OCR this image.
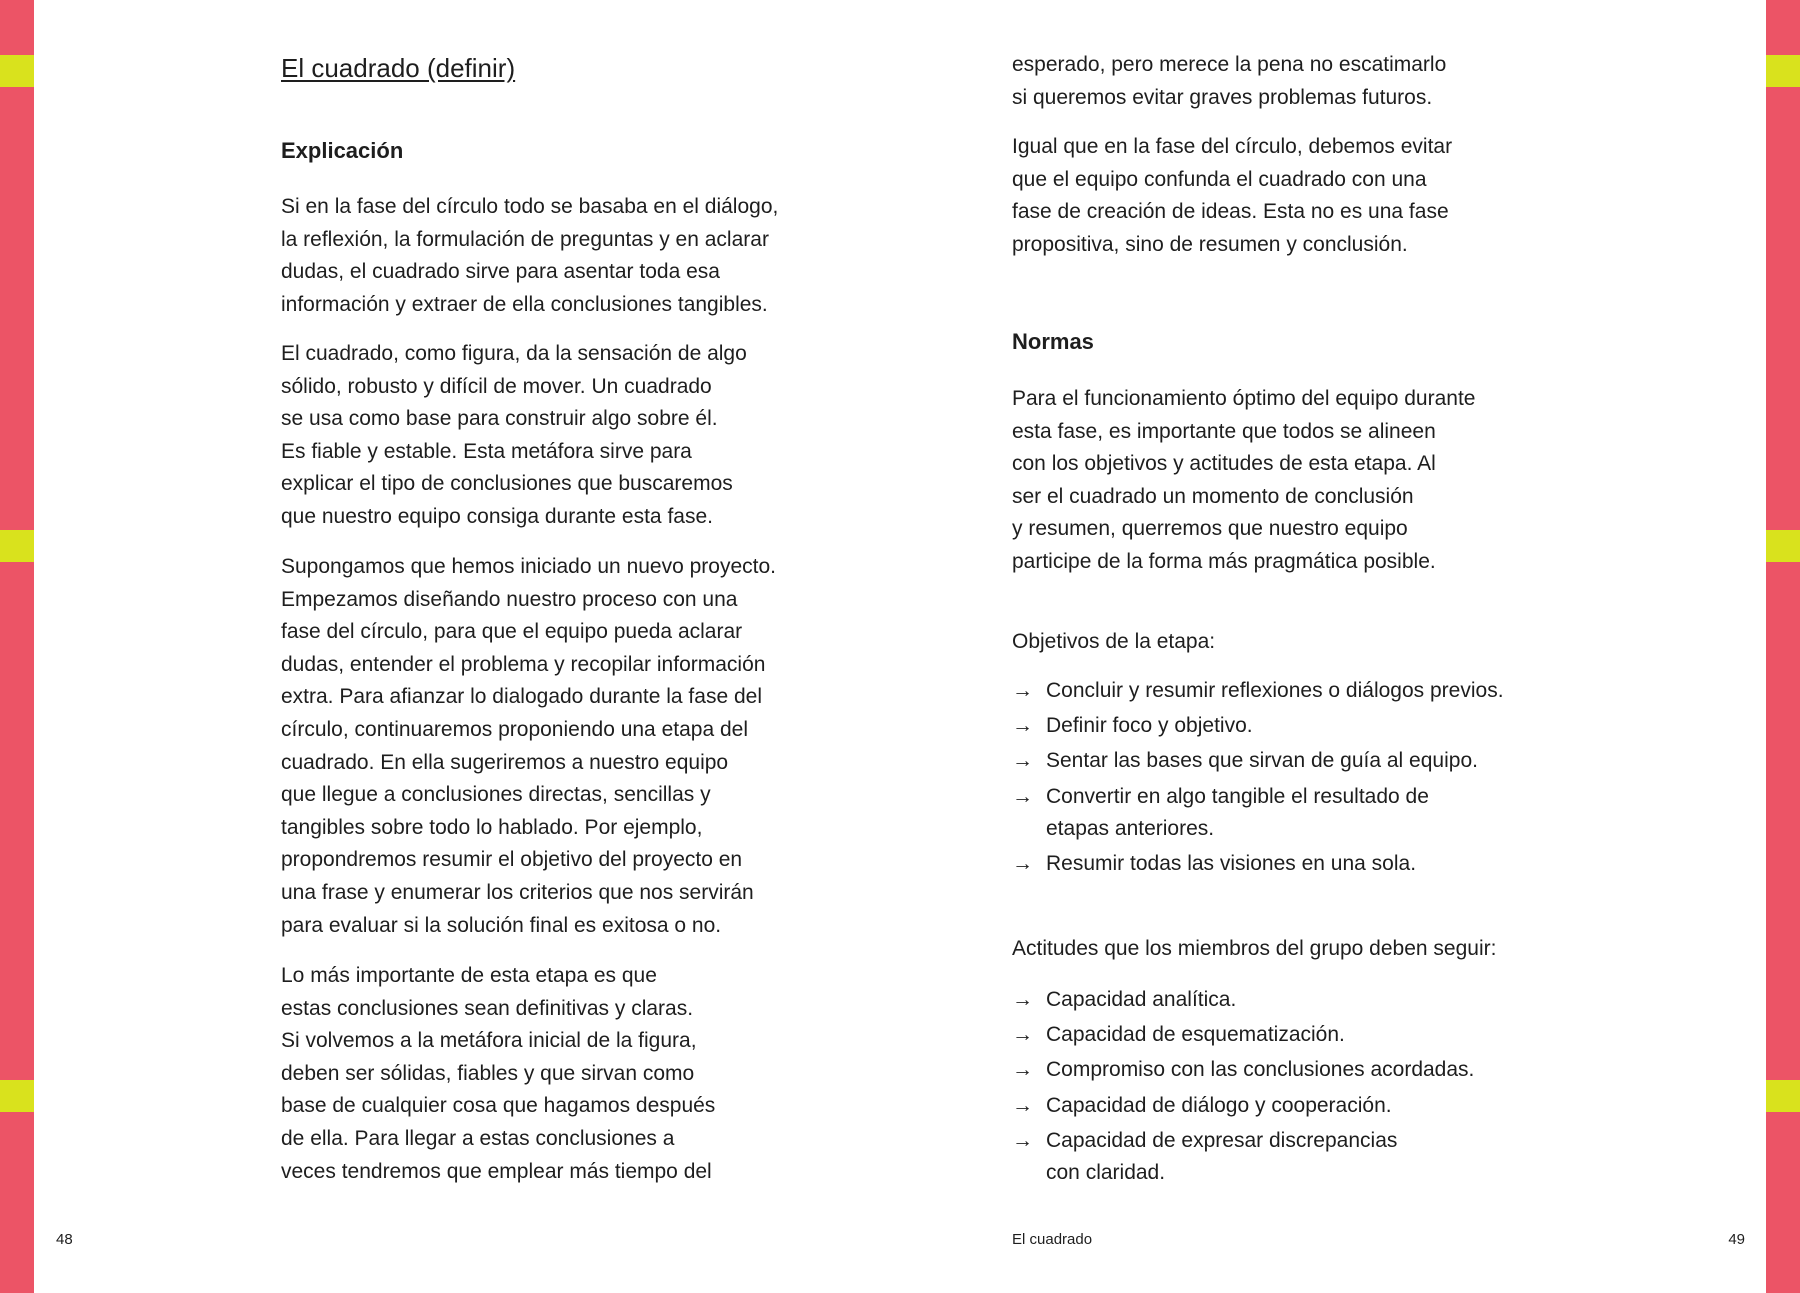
El cuadrado (definir)
Explicación

Si en la fase del círculo todo se basaba en el diálogo,
la reflexión, la formulación de preguntas y en aclarar
dudas, el cuadrado sirve para asentar toda esa
información y extraer de ella conclusiones tangibles.

El cuadrado, como figura, da la sensación de algo
sólido, robusto y difícil de mover. Un cuadrado
se usa como base para construir algo sobre él.
Es fiable y estable. Esta metáfora sirve para
explicar el tipo de conclusiones que buscaremos
que nuestro equipo consiga durante esta fase.

Supongamos que hemos iniciado un nuevo proyecto.
Empezamos diseñando nuestro proceso con una
fase del círculo, para que el equipo pueda aclarar
dudas, entender el problema y recopilar información
extra. Para afianzar lo dialogado durante la fase del
círculo, continuaremos proponiendo una etapa del
cuadrado. En ella sugeriremos a nuestro equipo
que llegue a conclusiones directas, sencillas y
tangibles sobre todo lo hablado. Por ejemplo,
propondremos resumir el objetivo del proyecto en
una frase y enumerar los criterios que nos servirán
para evaluar si la solución final es exitosa o no.

Lo más importante de esta etapa es que
estas conclusiones sean definitivas y claras.
Si volvemos a la metáfora inicial de la figura,
deben ser sólidas, fiables y que sirvan como
base de cualquier cosa que hagamos después
de ella. Para llegar a estas conclusiones a
veces tendremos que emplear más tiempo del

esperado, pero merece la pena no escatimarlo
si queremos evitar graves problemas futuros.

Igual que en la fase del círculo, debemos evitar
que el equipo confunda el cuadrado con una
fase de creación de ideas. Esta no es una fase
propositiva, sino de resumen y conclusión.

Normas

Para el funcionamiento óptimo del equipo durante
esta fase, es importante que todos se alineen
con los objetivos y actitudes de esta etapa. Al
ser el cuadrado un momento de conclusión
y resumen, querremos que nuestro equipo
participe de la forma más pragmática posible.

Objetivos de la etapa:
→ Concluir y resumir reflexiones o diálogos previos.
→ Definir foco y objetivo.
→ Sentar las bases que sirvan de guía al equipo.
→ Convertir en algo tangible el resultado de
etapas anteriores.
→ Resumir todas las visiones en una sola.
Actitudes que los miembros del grupo deben seguir:
→ Capacidad analítica.
→ Capacidad de esquematización.
→ Compromiso con las conclusiones acordadas.
→ Capacidad de diálogo y cooperación.
→ Capacidad de expresar discrepancias
con claridad.
48	El cuadrado	49
